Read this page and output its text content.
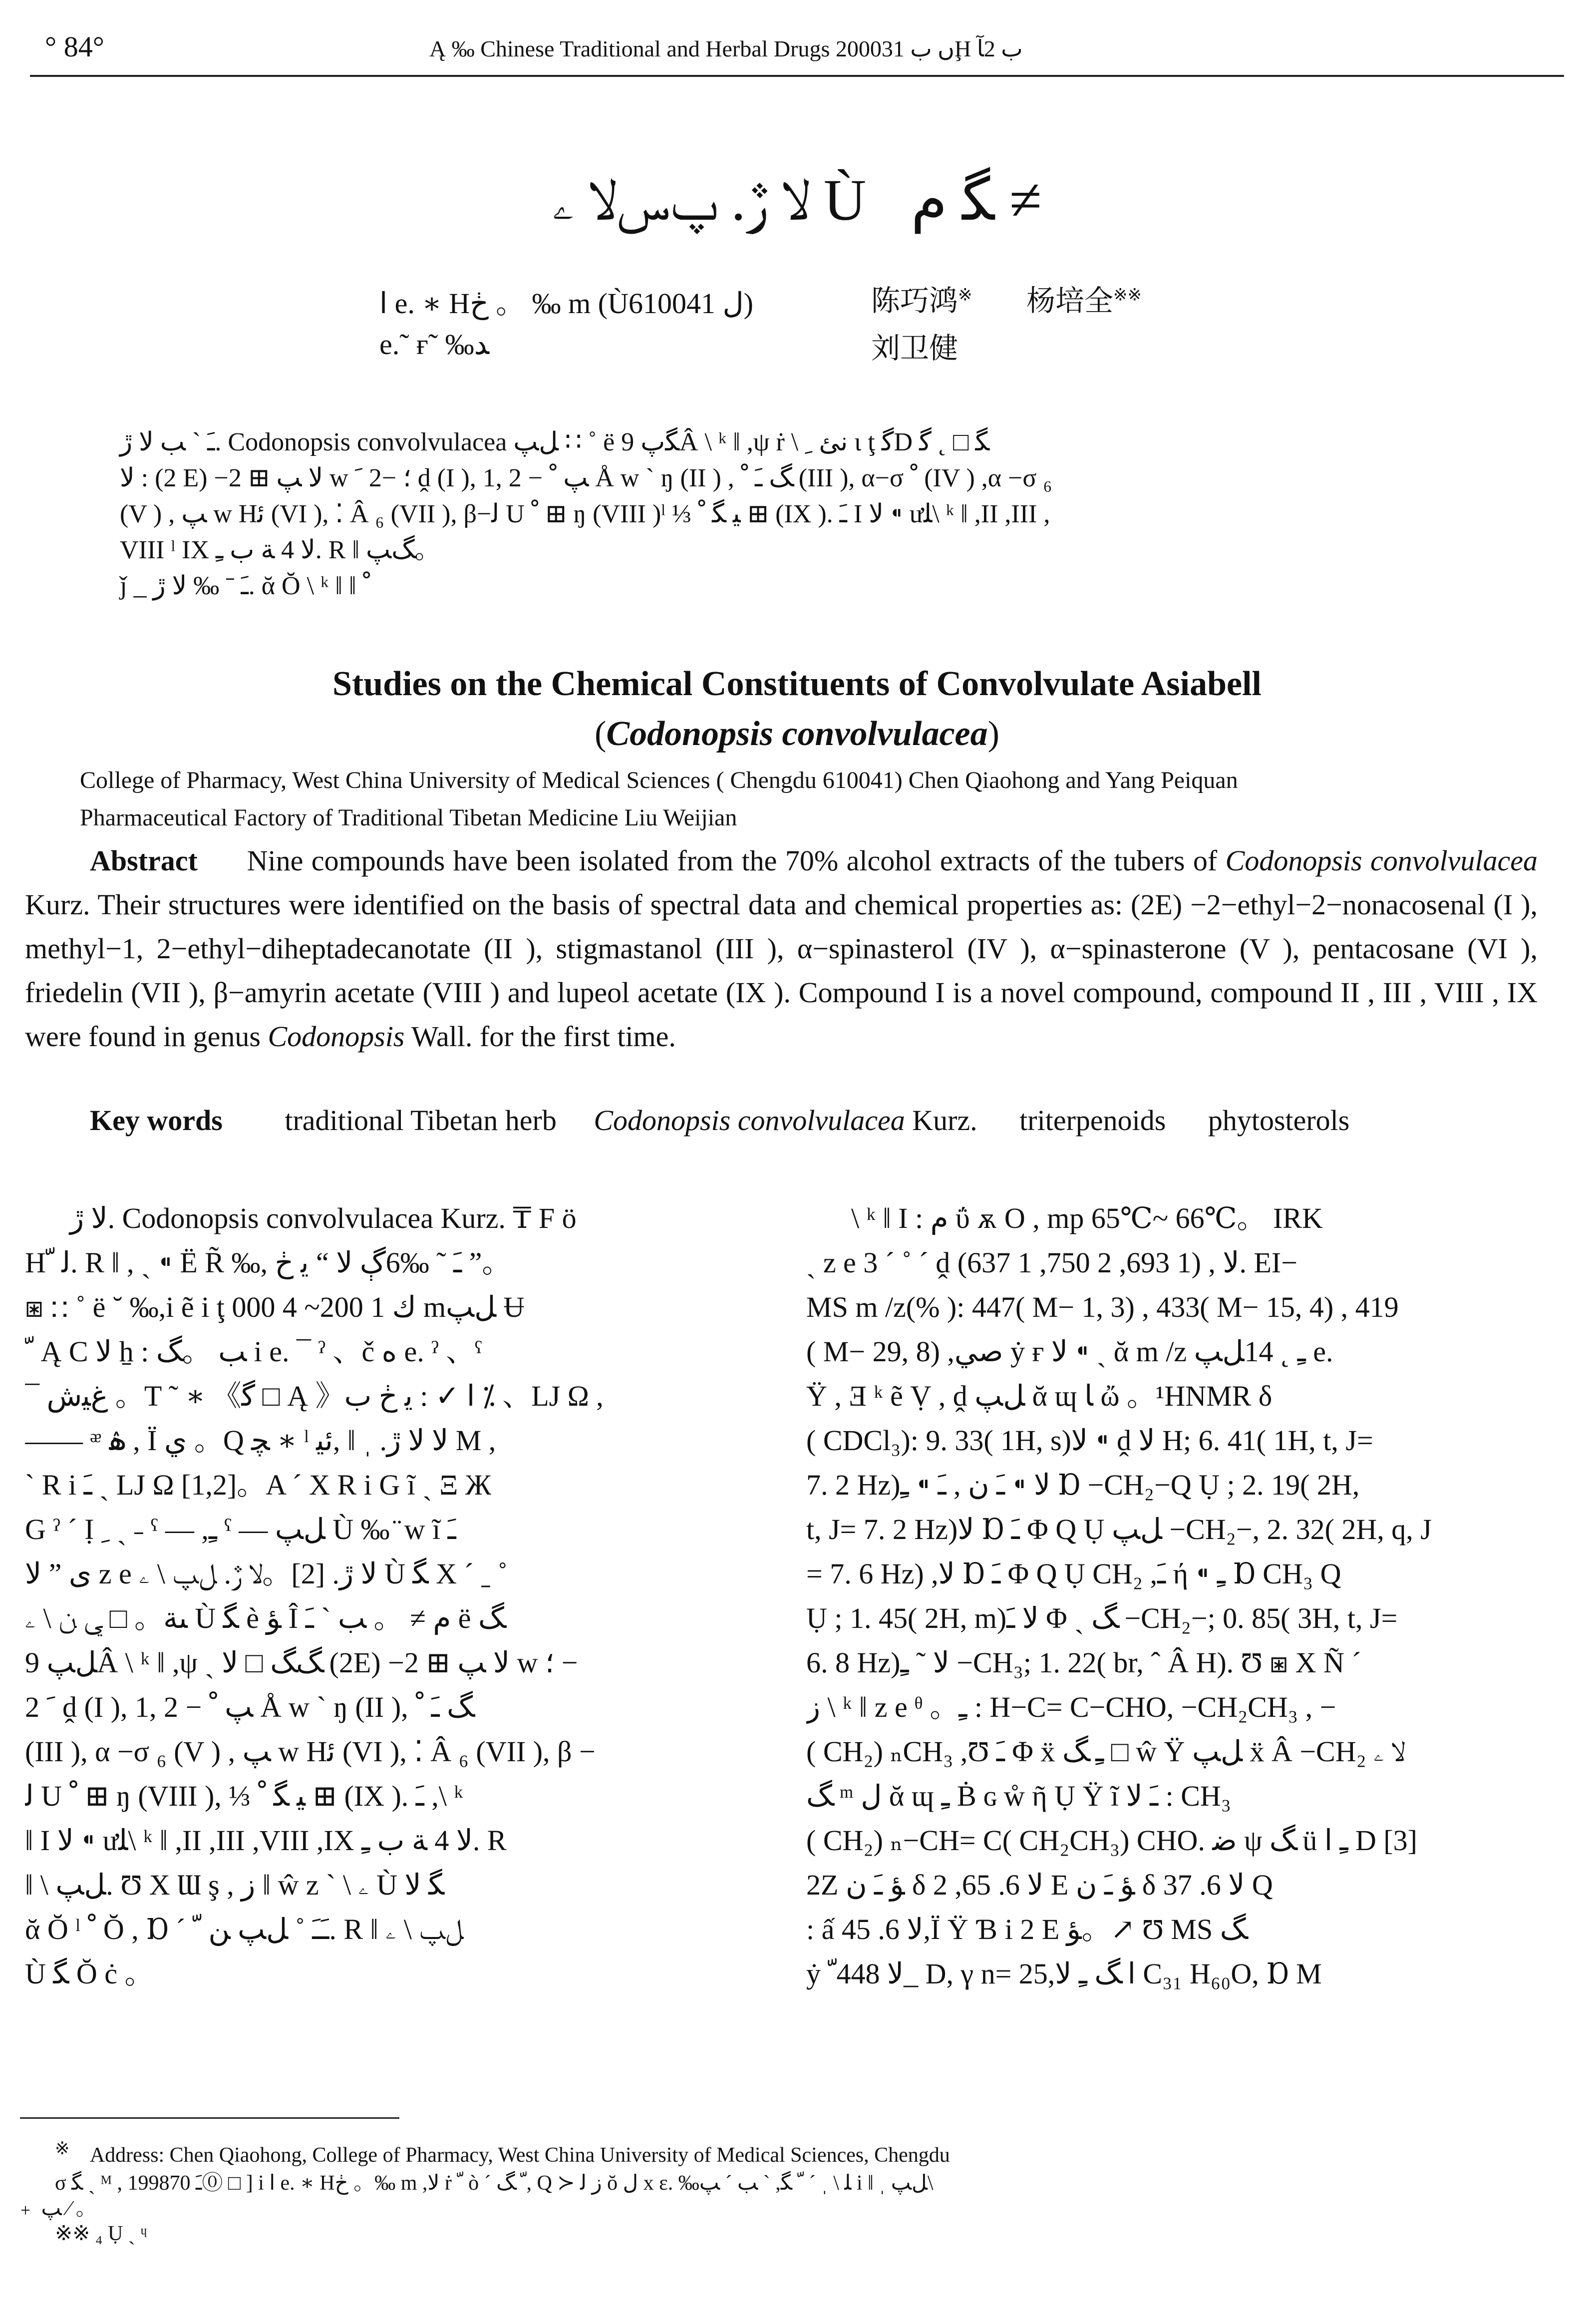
° 84°	Ą ‰ Chinese Traditional and Herbal Drugs 2000ں ب 31Ḩ ب 2ﺂ
ﻻ ڙ. پﺱﻻ ۦ Ù ﮕ ﻡ ≠
ﺍ e. ∗ Hڂ 。 ‰ m (Ùﻝ 610041)	陈巧鸿※ 杨培全※※
e.˜ ғ˜ ‰ﺪ	刘卫健
ﹷ ˋ ﺐ ﻻ ڙ. Codonopsis convolvulacea ﻞﭗ ∷ ˚ ё ﮕپ 9Â \ ᵏ ‖ ,ψ ṙ \ ﻧﺊ ﹺ ι ţ ﮔD ﮕ □ ˛ ﮔ
ﻻ : (2 E) −2 ⊞ ﻻ ﭗ w ؛ −2 ﹶ ḓ (I ), 1, 2 − ﭗ ﹾ Å w ˋ ŋ (II ) , ﮓ ﹷ ﹾ (III ), α−σ ﹾ (IV ) ,α −σ ₆
(V ) , ﭗ w Hﺋ (VI ), ⁚ Â ₆ (VII ), β−ﻟ U ﹾ ⊞ ŋ (VIII )ˡ ⅓ ﻴ ﮕ ﹾ ⊞ (IX ). ﹷ I ﻻ ⁌ ưﻠ\ ᵏ ‖ ,II ,III ,
VIII ˡ IX ﻻ 4 ﺔ ﺏ ﹻ. R ‖ ﮓﭗ。
ǰ _ ﹷ ˉ ‰ ﻻ ڙ. ᾰ Ŏ \ ᵏ ‖ ‖ ﹾ
Studies on the Chemical Constituents of Convolvulate Asiabell
(Codonopsis convolvulacea)
College of Pharmacy, West China University of Medical Sciences ( Chengdu 610041) Chen Qiaohong and Yang Peiquan
Pharmaceutical Factory of Traditional Tibetan Medicine Liu Weijian
Abstract Nine compounds have been isolated from the 70% alcohol extracts of the tubers of Codonopsis convolvulacea Kurz. Their structures were identified on the basis of spectral data and chemical properties as: (2E) −2−ethyl−2−nonacosenal (I ), methyl−1, 2−ethyl−diheptadecanotate (II ), stigmastanol (III ), α−spinasterol (IV ), α−spinasterone (V ), pentacosane (VI ), friedelin (VII ), β−amyrin acetate (VIII ) and lupeol acetate (IX ). Compound I is a novel compound, compound II , III , VIII , IX were found in genus Codonopsis Wall. for the first time.
Key words traditional Tibetan herb Codonopsis convolvulacea Kurz. triterpenoids phytosterols
ﻻ ڙ. Codonopsis convolvulacea Kurz. ₸ F ö
Hﻟ ﹼ. R ‖ , ˏ ⁌ Ë R̃ ‰, ﹷ ˜ ‰6ﮖ ﻻ “ ﻳ ڂ ”。
⧆ ∷ ˚ ë ˘ ‰,i ẽ i ţ ﻙ 1 200~ 4 000 mﻞﭗ Ʉ
ﹼ Ą C ﻻ ẖ : ﺐ 。ﮓ i e. ¯ ˀ 、č ﻩ e. ˀ 、ˁ
¯ غﻴش 。T ˜ ∗ 《ﮔ □ Ą 》ﺍ ✓ : ﻳ ڂ ب ⁒ 、LJ Ω ,
—— ᵆ ۿ , Ï ي 。Q ﭽ ∗ ˡ ﻻ ﻻ ڙ. ˌ ‖ ,ﺋﻴ M ,
ˋ R i ﹷ ˏ LJ Ω [1,2]。A ˊ X R i G ĩ ˏ Ξ Ж
G ˀ ˊ Ị ﹺ ˏ ˗ ˁ — ,ﹻ ˁ — ﻞﭗ Ù ‰ ̈ w ĩ ﹷ
ﯼ ” ﻻ z e ﻻ ڙ. [2]。ﻻ ڙ. ﻞﭗ \ ۦ Ù ﮕ X ˊ ˍ ˚
ﯩﺔ。 □ ﻲ ﻦ \ ۦ Ù ﮕ è ﺆ Î ﻡ ≠ 。 ﺐ ˋ ﹷ ë ﮓ
ﻞﭗ 9Â \ ᵏ ‖ ,ψ ˏ ﮓﮓ □ ﻻ (2E) −2 ⊞ ﻻ ﭗ w ؛ −
2 ﹶ ḓ (I ), 1, 2 − ﭗ ﹾ Å w ˋ ŋ (II ), ﮓ ﹷ ﹾ
(III ), α −σ ₆ (V ) , ﭗ w Hﺋ (VI ), ⁚ Â ₆ (VII ), β −
ﻟ U ﹾ ⊞ ŋ (VIII ), ⅓ ﻴ ﮕ ﹾ ⊞ (IX ). ﹷ ,\ ᵏ
‖ I ﻻ ⁌ ưﻠ\ ᵏ ‖ ,II ,III ,VIII ,IX ﻻ 4 ﺔ ﺏ ﹻ. R
‖ \ ﻞﭗ. Ʊ X Ɯ ş , ﺯ ‖ ŵ z ˋ \ ۦ Ù ﮕ ﻻ
ᾰ Ŏ ˡ ﹾ Ŏ , Ɒ ˊ ﹷﹷ ˚ ﻞﭗ ﻦ ﹼ. R ‖ ﻞﭗ \ ۦ
Ù ﮕ Ŏ ċ 。
\ ᵏ ‖ I : ﻡ ΰ ѫ O , mp 65℃~ 66℃。 IRK
ˏ z e 3 ˊ ˚ ˊ ḓ ﻻ , (1 693, 2 750, 1 637). EI−
MS m /z(% ): 447( M− 1, 3) , 433( M− 15, 4) , 419
( M− 29, 8) ,ﺻﻲ ẏ ғ ﻻ ⁌ ˏ ᾰ m /z ﹻ ˛ 14ﻞﭗ e.
Ÿ , Ǝ ᵏ ẽ Ṿ , ḓ ﻞﭗ ᾰ ɰ ﺎ ὤ 。¹HNMR δ
( CDCl₃): 9. 33( 1H, s)ﻻ ⁌ ḓ ﻻ H; 6. 41( 1H, t, J=
7. 2 Hz)ﻻ ⁌ ﹷ ﻥ , ﹷ ⁌ ﹻ Ɒ −CH₂−Q Ụ ; 2. 19( 2H,
t, J= 7. 2 Hz)ﻻ Ɒ ﹷ Φ Q Ụ ﻞﭗ −CH₂−, 2. 32( 2H, q, J
= 7. 6 Hz) ,ﻻ Ɒ ﹷ Φ Q Ụ CH₂ ,ﹷ ή ⁌ ﹻ Ɒ CH₃ Q
Ụ ; 1. 45( 2H, m)ﻻ ﹷ Φ ˏ ﮓ −CH₂−; 0. 85( 3H, t, J=
6. 8 Hz)ﻻ ˜ ﹻ −CH₃; 1. 22( br, ˆ Â H). Ʊ ⧆ X Ñ ˊ
ﺯ \ ᵏ ‖ z e ᶿ 。ﹻ : H−C= C−CHO, −CH₂CH₃ , −
( CH₂) ₙCH₃ ,Ʊ ﹷ Φ ẍ ﹻ ﮓ □ ŵ Ÿ ﻞﭗ ẍ Â −CH₂ ﻻ ۦ
ﮓ ᵐ ﻝ ᾰ ɰ ﹻ Ḃ ɢ ẘ ῆ Ụ Ÿ ĩ ﹷ ﻻ : CH₃
( CH₂) ₙ−CH= C( CH₂CH₃) CHO. ﺿ ψ ﮓ ü ﹻ ﺍ D [3]
2Z ﺆ ﹷ ﻥ δ ﻻ 6. 65, 2 E ﺆ ﹷ ﻥ δ ﻻ 6. 37 Q
: ấ ﻻ 6. 45,Ï Ÿ Ɓ i 2 E ﺆ。↗ Ʊ MS ﮓ
ẏ ﻻ 448ﹼ_ D, γ n= 25,ﺍ ﮓ ﹻ ﻻ C₃₁ H₆₀O, Ɒ M
※ Address: Chen Qiaohong, College of Pharmacy, West China University of Medical Sciences, Chengdu
σ ﮕ ˏ ᴹ , 1998ﹷ 70⓪ □ ] i ﺍ e. ∗ Hڂ 。‰ m ,ﻻ ṙ ﹼ ò ˊ ﹼ ﮓ, Q ≻ ﺯ ﻟ ŏ ﻝ x ɛ. ‰ﻠ \ ˌ ˊ ﹼ ﮕ, ˋ ﺐ ˊ ﭗ i ‖ ˌ ﻞﭗ\
﹢ ﭗ ⁄ 。
※※ ₄ Ụ ˏ ᶣ
